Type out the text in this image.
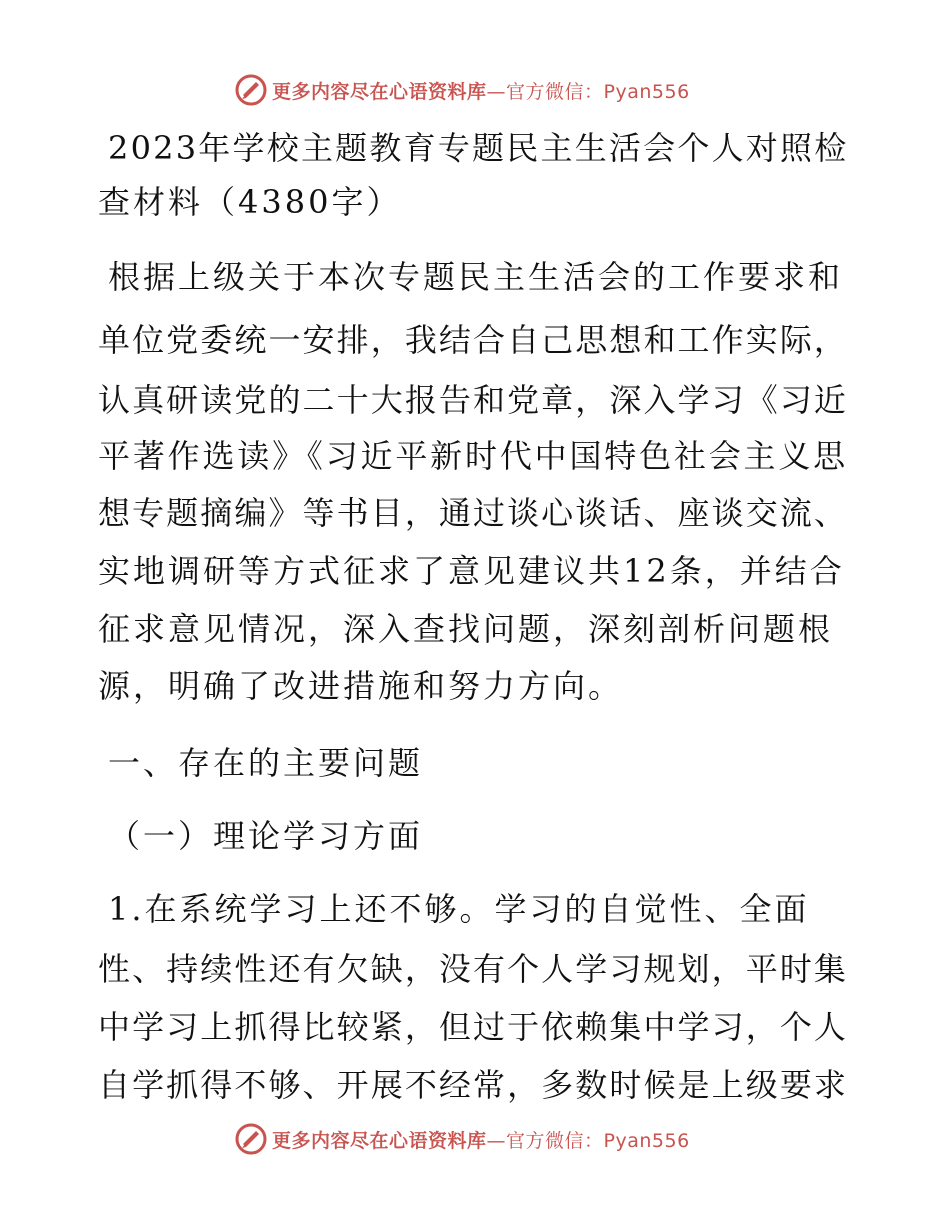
更多内容尽在心语资料库 —官方微信：Pyan556
2023年学校主题教育专题民主生活会个人对照检
查材料（4380字）
根据上级关于本次专题民主生活会的工作要求和
单位党委统一安排，我结合自己思想和工作实际，
认真研读党的二十大报告和党章，深入学习《习近
平著作选读》《习近平新时代中国特色社会主义思
想专题摘编》等书目，通过谈心谈话、座谈交流、
实地调研等方式征求了意见建议共12条，并结合
征求意见情况，深入查找问题，深刻剖析问题根
源，明确了改进措施和努力方向。
一、存在的主要问题
（一）理论学习方面
1.在系统学习上还不够。学习的自觉性、全面
性、持续性还有欠缺，没有个人学习规划，平时集
中学习上抓得比较紧，但过于依赖集中学习，个人
自学抓得不够、开展不经常，多数时候是上级要求
更多内容尽在心语资料库 —官方微信：Pyan556
